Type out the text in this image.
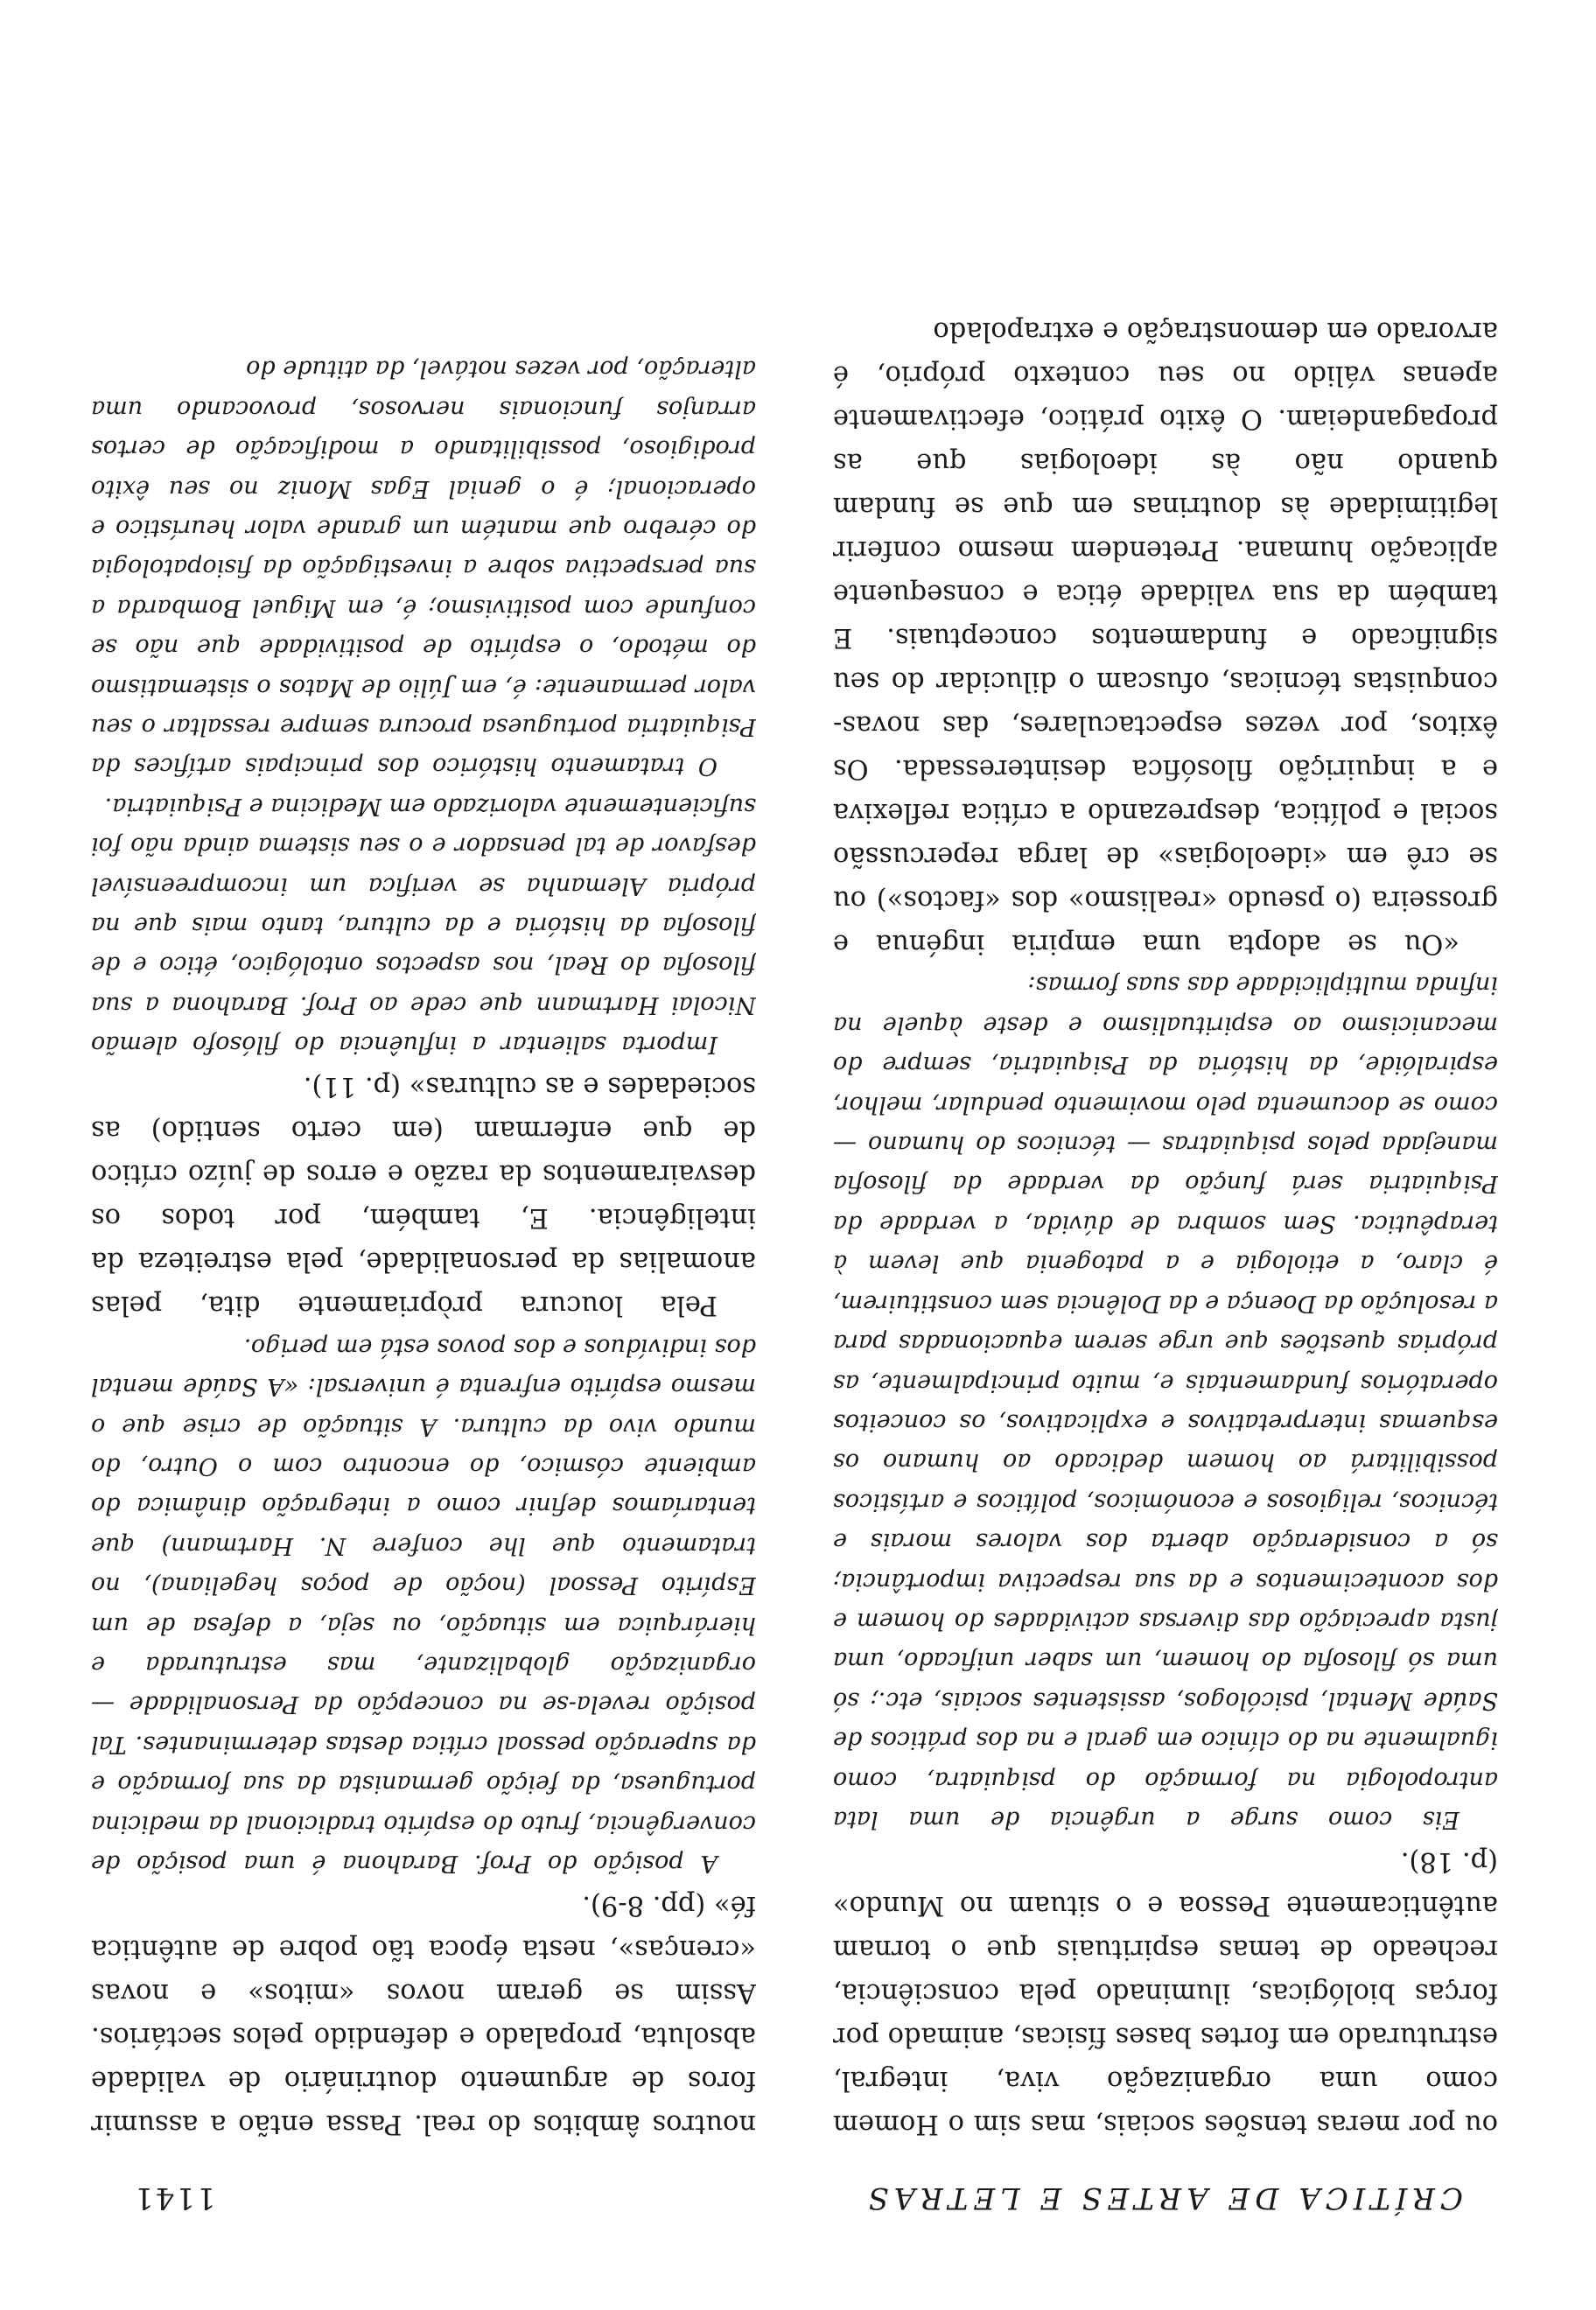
CRÍTICA DE ARTES E LETRAS
1141

ou por meras tensões sociais, mas sim o Homem como uma organização viva, integral, estruturado em fortes bases físicas, animado por forças biológicas, iluminado pela consciência, recheado de temas espirituais que o tornam autênticamente Pessoa e o situam no Mundo» (p. 18).

Eis como surge a urgência de uma lata antropologia na formação do psiquiatra, como igualmente na do clínico em geral e na dos práticos de Saúde Mental, psicólogos, assistentes sociais, etc.; só uma só filosofia do homem, um saber unificado, uma justa apreciação das diversas actividades do homem e dos acontecimentos e da sua respectiva importância; só a consideração aberta dos valores morais e técnicos, religiosos e económicos, políticos e artísticos possibilitará ao homem dedicado ao humano os esquemas interpretativos e explicativos, os conceitos operatórios fundamentais e, muito principalmente, as próprias questões que urge serem equacionadas para a resolução da Doença e da Dolência sem constituirem, é claro, a etiologia e a patogenia que levem à terapêutica. Sem sombra de dúvida, a verdade da Psiquiatria será função da verdade da filosofia manejada pelos psiquiatras — técnicos do humano — como se documenta pelo movimento pendular, melhor, espiralóide, da história da Psiquiatria, sempre do mecanicismo ao espiritualismo e deste àquele na infinda multiplicidade das suas formas:

«Ou se adopta uma empiria ingénua e grosseira (o pseudo «realismo» dos «factos») ou se crê em «ideologias» de larga repercussão social e política, desprezando a crítica reflexiva e a inquirição filosófica desinteressada. Os êxitos, por vezes espectaculares, das novas-conquistas técnicas, ofuscam o dilucidar do seu significado e fundamentos conceptuais. E também da sua validade ética e consequente aplicação humana. Pretendem mesmo conferir legitimidade às doutrinas em que se fundam quando não às ideologias que as propagandeiam. O êxito prático, efectivamente apenas válido no seu contexto próprio, é arvorado em demonstração e extrapolado

noutros âmbitos do real. Passa então a assumir foros de argumento doutrinário de validade absoluta, propalado e defendido pelos sectários. Assim se geram novos «mitos» e novas «crenças», nesta época tão pobre de autêntica fé» (pp. 8-9).

A posição do Prof. Barahona é uma posição de convergência, fruto do espírito tradicional da medicina portuguesa, da feição germanista da sua formação e da superação pessoal crítica destas determinantes. Tal posição revela-se na concepção da Personalidade — organização globalizante, mas estruturada e hierárquica em situação, ou seja, a defesa de um Espírito Pessoal (noção de poços hegeliana), no tratamento que lhe confere N. Hartmann) que tentaríamos definir como a integração dinâmica do ambiente cósmico, do encontro com o Outro, do mundo vivo da cultura. A situação de crise que o mesmo espírito enfrenta é universal: «A Saúde mental dos indivíduos e dos povos está em perigo.

Pela loucura pròpriamente dita, pelas anomalias da personalidade, pela estreiteza da inteligência. E, também, por todos os desvairamentos da razão e erros de juízo crítico de que enfermam (em certo sentido) as sociedades e as culturas» (p. 11).

Importa salientar a influência do filósofo alemão Nicolai Hartmann que cede ao Prof. Barahona a sua filosofia do Real, nos aspectos ontológico, ético e de filosofia da história e da cultura, tanto mais que na própria Alemanha se verifica um incompreensível desfavor de tal pensador e o seu sistema ainda não foi suficientemente valorizado em Medicina e Psiquiatria.

O tratamento histórico dos principais artífices da Psiquiatria portuguesa procura sempre ressaltar o seu valor permanente: é, em Júlio de Matos o sistematismo do método, o espírito de positividade que não se confunde com positivismo; é, em Miguel Bombarda a sua perspectiva sobre a investigação da fisiopatologia do cérebro que mantém um grande valor heurístico e operacional; é o genial Egas Moniz no seu êxito prodigioso, possibilitando a modificação de certos arranjos funcionais nervosos, provocando uma alteração, por vezes notável, da atitude do
